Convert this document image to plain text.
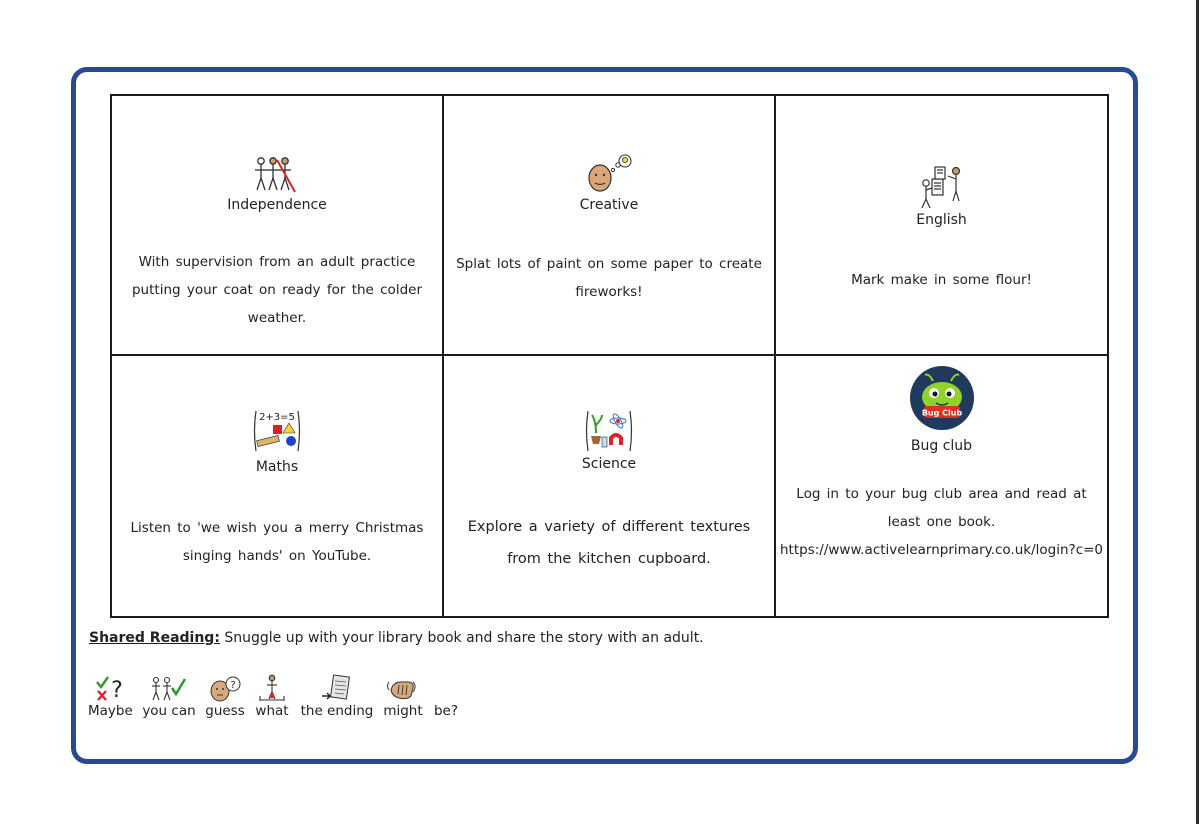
Independence
With supervision from an adult practice putting your coat on ready for the colder weather.
Creative
Splat lots of paint on some paper to create fireworks!
English
Mark make in some flour!
2+3=5
Maths
Listen to 'we wish you a merry Christmas singing hands' on YouTube.
Science
Explore a variety of different textures from the kitchen cupboard.
Bug Club
Bug club
Log in to your bug club area and read at least one book.
https://www.activelearnprimary.co.uk/login?c=0
Shared Reading: Snuggle up with your library book and share the story with an adult.
?
Maybe you can
?
guess what the ending might be?
